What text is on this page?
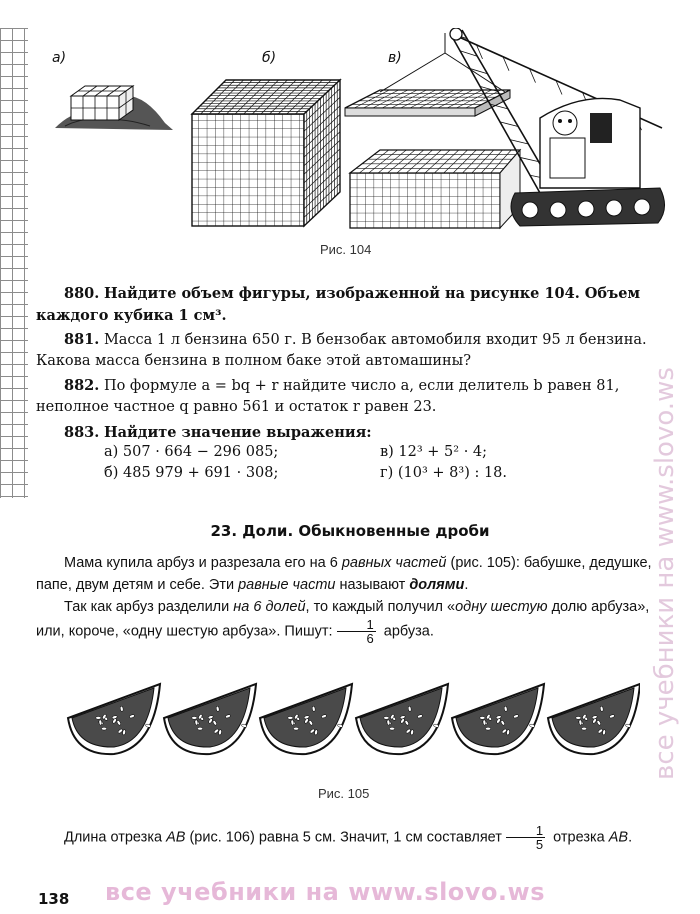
а)	б)	в)
Рис. 104
880. Найдите объем фигуры, изображенной на рисунке 104. Объем каждого кубика 1 см³.
881. Масса 1 л бензина 650 г. В бензобак автомобиля входит 95 л бензина. Какова масса бензина в полном баке этой автомашины?
882. По формуле a = bq + r найдите число a, если делитель b равен 81, неполное частное q равно 561 и остаток r равен 23.
883. Найдите значение выражения:
а) 507 · 664 − 296 085;
б) 485 979 + 691 · 308;
в) 12³ + 5² · 4;
г) (10³ + 8³) : 18.
23. Доли. Обыкновенные дроби
Мама купила арбуз и разрезала его на 6 равных частей (рис. 105): бабушке, дедушке, папе, двум детям и себе. Эти равные части называют долями.
Так как арбуз разделили на 6 долей, то каждый получил «одну шестую долю арбуза», или, короче, «одну шестую арбуза». Пишут: $\frac{1}{6}$ арбуза.
Рис. 105
Длина отрезка AB (рис. 106) равна 5 см. Значит, 1 см составляет $\frac{1}{5}$ отрезка AB.
138 все учебники на www.slovo.ws
все учебники на www.slovo.ws
